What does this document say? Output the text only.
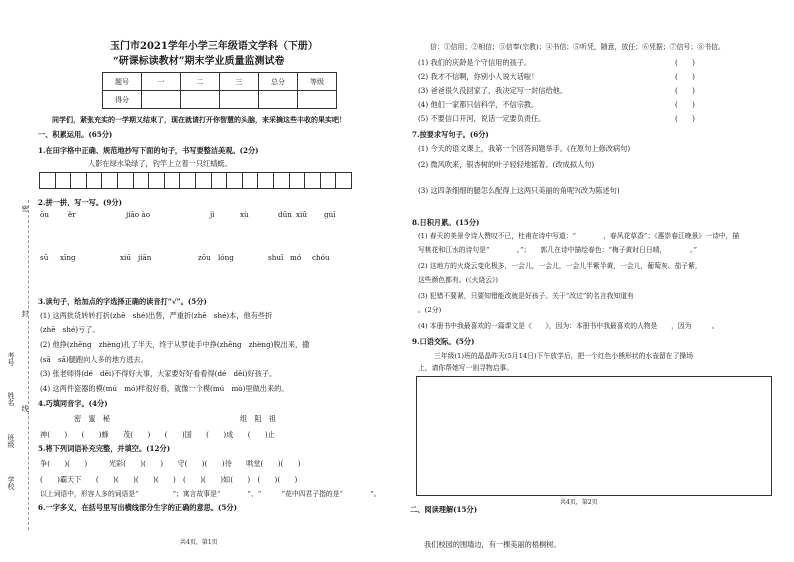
玉门市2021学年小学三年级语文学科（下册）
“研课标读教材”期末学业质量监测试卷
题号	一	二	三	总分	等级
得分					
同学们，紧张充实的一学期又结束了，现在就请打开你智慧的头脑，来采摘这些丰收的果实吧！
一、积累运用。(65分)
1.在田字格中正确、规范地抄写下面的句子，书写要整洁美观。(2分)
人影在绿水染绿了，钓竿上立着一只红蜻蜓。
2.拼一拼，写一写。(9分)
ōu	ěr	jiāo ào	jì	xù	dūn xiū guī
sū xǐng	xiū jiān	zōu lóng	shuǐ mó chóu
3.读句子，给加点的字选择正确的读音打“√”。(5分)
(1) 这两批货转转打折(zhē　shé)出售，严重折(zhē　shé)本，他有些折
(zhē　shé)亏了。
(2) 他挣(zhēng　zhèng)扎了半天，终于从罗徒手中挣(zhēng　zhèng)脱出来，撒
(sā　sǎ)腿跑向人多的地方逃去。
(3) 张老师得(dé　děi)不得好大事，大家要好好看看得(dé　děi)好孩子。
(4) 这两件瓷器的模(mú　mó)样很好看，就像一个模(mú　mó)里做出来的。
4.巧填同音字。(4分)
密　蜜　秘	组　阻　祖
神(　　)　　(　　)蜂　　茂(　　)　　(　　)国　　(　　)成　　(　　)止
5.将下列词语补充完整，并填空。(12分)
争(　　)(　　)　　　光彩(　　)(　　)　　守(　　)(　　)待　　哄堂(　　)(　　)
(　　)霸天下　　(　　)(　　)(　　)(　　)　(　　)(　　)如(　　)　(　　)(　　)
以上词语中，形容人多的词语是“　　　　　”；寓言故事是“　　　　”、“　　　”花中四君子指的是“　　　　”。
6.一字多义，在括号里写出横线部分生字的正确的意思。(5分)
共4页，第1页
密
封
线
考号
姓名
班级
学校
信：①信用；②相信；③信奉(宗教)；④书信；⑤听凭，随意，放任；⑥凭据；⑦信号；⑧书信。
(1) 我们的庆龄是个守信用的孩子。	(　　)
(2) 我才不信啊，你别小人说大话啦！	(　　)
(3) 爸爸很久没回家了，我决定写一封信给他。	(　　)
(4) 他们一家都只信科学，不信宗教。	(　　)
(5) 不要信口开河，说话一定要负责任。	(　　)
7.按要求写句子。(6分)
(1) 今天的语文课上，我第一个回答问题举手。(在原句上修改病句)
(2) 微风吹来，银杏树的叶子轻轻地摇着。(改成拟人句)
(3) 这四条细细的腿怎么配得上这两只美丽的角呢?(改为陈述句)
8.日积月累。(15分)
(1) 春天的美景令诗人赞叹不已，杜甫在诗中写道：“　　　　，春风花草香”；《惠崇春江晚景》一诗中，描
写桃花和江水的诗句是“　　　　。”；　　郭几在诗中描绘春色：“梅子黄时日日晴，　　　　。”
(2) 这地方的火烧云变化极多，一会儿，一会儿，一会儿半紫半黄，一会儿，葡萄灰、茄子紫，
这些颜色都有。(《火烧云》)
(3) 犯错不要紧，只要知错能改就是好孩子。关于“改过”的名言我知道有
。(2分)
(4) 本册书中我最喜欢的一篇课文是《　　》，因为：本册书中我最喜欢的人物是　　，因为　　　。
9.口语交际。(5分)
三年级(1)班的晶晶昨天(5月14日)下午放学后，把一个红色小熊形状的水壶留在了操场
上，请你帮她写一则寻物启事。
共4页，第2页
二、阅读理解(15分)
我们校园的围墙边，有一棵美丽的梧桐树。
